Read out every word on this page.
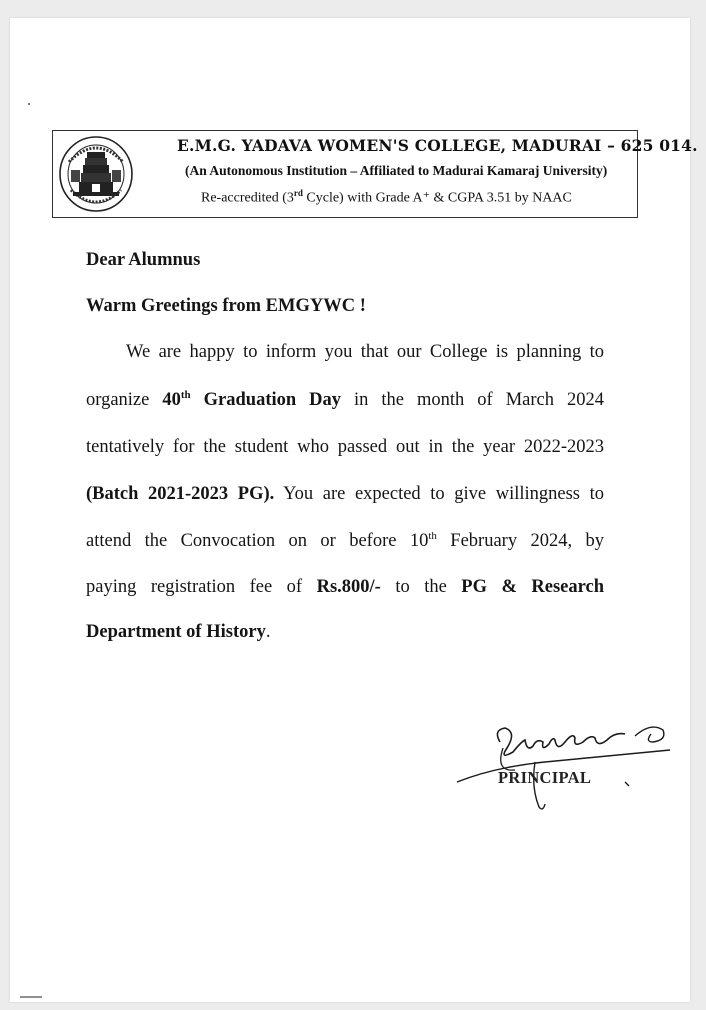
E.M.G. YADAVA WOMEN'S COLLEGE, MADURAI – 625 014.
(An Autonomous Institution – Affiliated to Madurai Kamaraj University)
Re-accredited (3rd Cycle) with Grade A⁺ & CGPA 3.51 by NAAC
Dear Alumnus
Warm Greetings from EMGYWC !
We are happy to inform you that our College is planning to
organize 40th Graduation Day in the month of March 2024
tentatively for the student who passed out in the year 2022-2023
(Batch 2021-2023 PG). You are expected to give willingness to
attend the Convocation on or before 10th February 2024, by
paying registration fee of Rs.800/- to the PG & Research
Department of History.
PRINCIPAL
